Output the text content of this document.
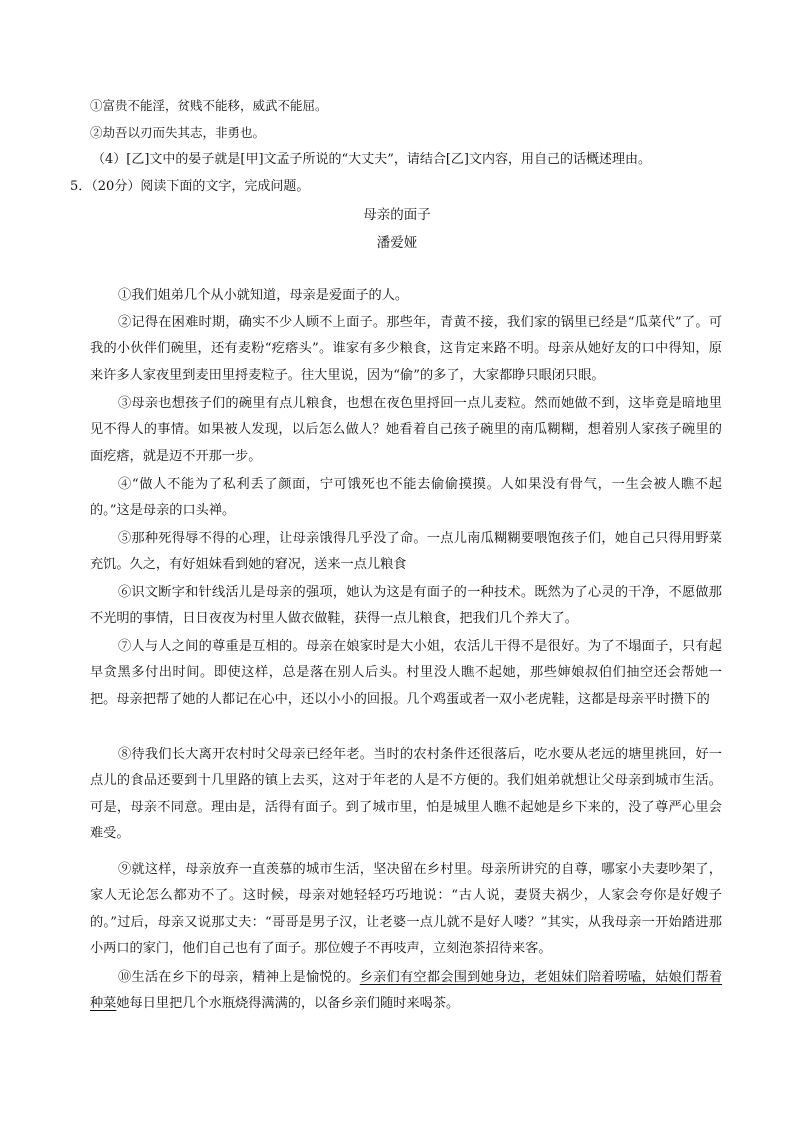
①富贵不能淫，贫贱不能移，威武不能屈。
②劫吾以刃而失其志，非勇也。
（4）[乙]文中的晏子就是[甲]文孟子所说的“大丈夫”，请结合[乙]文内容，用自己的话概述理由。
5．（20分）阅读下面的文字，完成问题。
母亲的面子
潘爱娅
①我们姐弟几个从小就知道，母亲是爱面子的人。
②记得在困难时期，确实不少人顾不上面子。那些年，青黄不接，我们家的锅里已经是“瓜菜代”了。可我的小伙伴们碗里，还有麦粉“疙瘩头”。谁家有多少粮食，这肯定来路不明。母亲从她好友的口中得知，原来许多人家夜里到麦田里捋麦粒子。往大里说，因为“偷”的多了，大家都睁只眼闭只眼。
③母亲也想孩子们的碗里有点儿粮食，也想在夜色里捋回一点儿麦粒。然而她做不到，这毕竟是暗地里见不得人的事情。如果被人发现，以后怎么做人？她看着自己孩子碗里的南瓜糊糊，想着别人家孩子碗里的面疙瘩，就是迈不开那一步。
④“做人不能为了私利丢了颜面，宁可饿死也不能去偷偷摸摸。人如果没有骨气，一生会被人瞧不起的。”这是母亲的口头禅。
⑤那种死得辱不得的心理，让母亲饿得几乎没了命。一点儿南瓜糊糊要喂饱孩子们，她自己只得用野菜充饥。久之，有好姐妹看到她的窘况，送来一点儿粮食
⑥识文断字和针线活儿是母亲的强项，她认为这是有面子的一种技术。既然为了心灵的干净，不愿做那不光明的事情，日日夜夜为村里人做衣做鞋，获得一点儿粮食，把我们几个养大了。
⑦人与人之间的尊重是互相的。母亲在娘家时是大小姐，农活儿干得不是很好。为了不塌面子，只有起早贪黑多付出时间。即使这样，总是落在别人后头。村里没人瞧不起她，那些婶娘叔伯们抽空还会帮她一把。母亲把帮了她的人都记在心中，还以小小的回报。几个鸡蛋或者一双小老虎鞋，这都是母亲平时攒下的
⑧待我们长大离开农村时父母亲已经年老。当时的农村条件还很落后，吃水要从老远的塘里挑回，好一点儿的食品还要到十几里路的镇上去买，这对于年老的人是不方便的。我们姐弟就想让父母亲到城市生活。可是，母亲不同意。理由是，活得有面子。到了城市里，怕是城里人瞧不起她是乡下来的，没了尊严心里会难受。
⑨就这样，母亲放弃一直羡慕的城市生活，坚决留在乡村里。母亲所讲究的自尊，哪家小夫妻吵架了，家人无论怎么都劝不了。这时候，母亲对她轻轻巧巧地说：“古人说，妻贤夫祸少，人家会夸你是好嫂子的。”过后，母亲又说那丈夫：“哥哥是男子汉，让老婆一点儿就不是好人喽？”其实，从我母亲一开始踏进那小两口的家门，他们自己也有了面子。那位嫂子不再吱声，立刻泡茶招待来客。
⑩生活在乡下的母亲，精神上是愉悦的。乡亲们有空都会围到她身边，老姐妹们陪着唠嗑，姑娘们帮着种菜她每日里把几个水瓶烧得满满的，以备乡亲们随时来喝茶。
